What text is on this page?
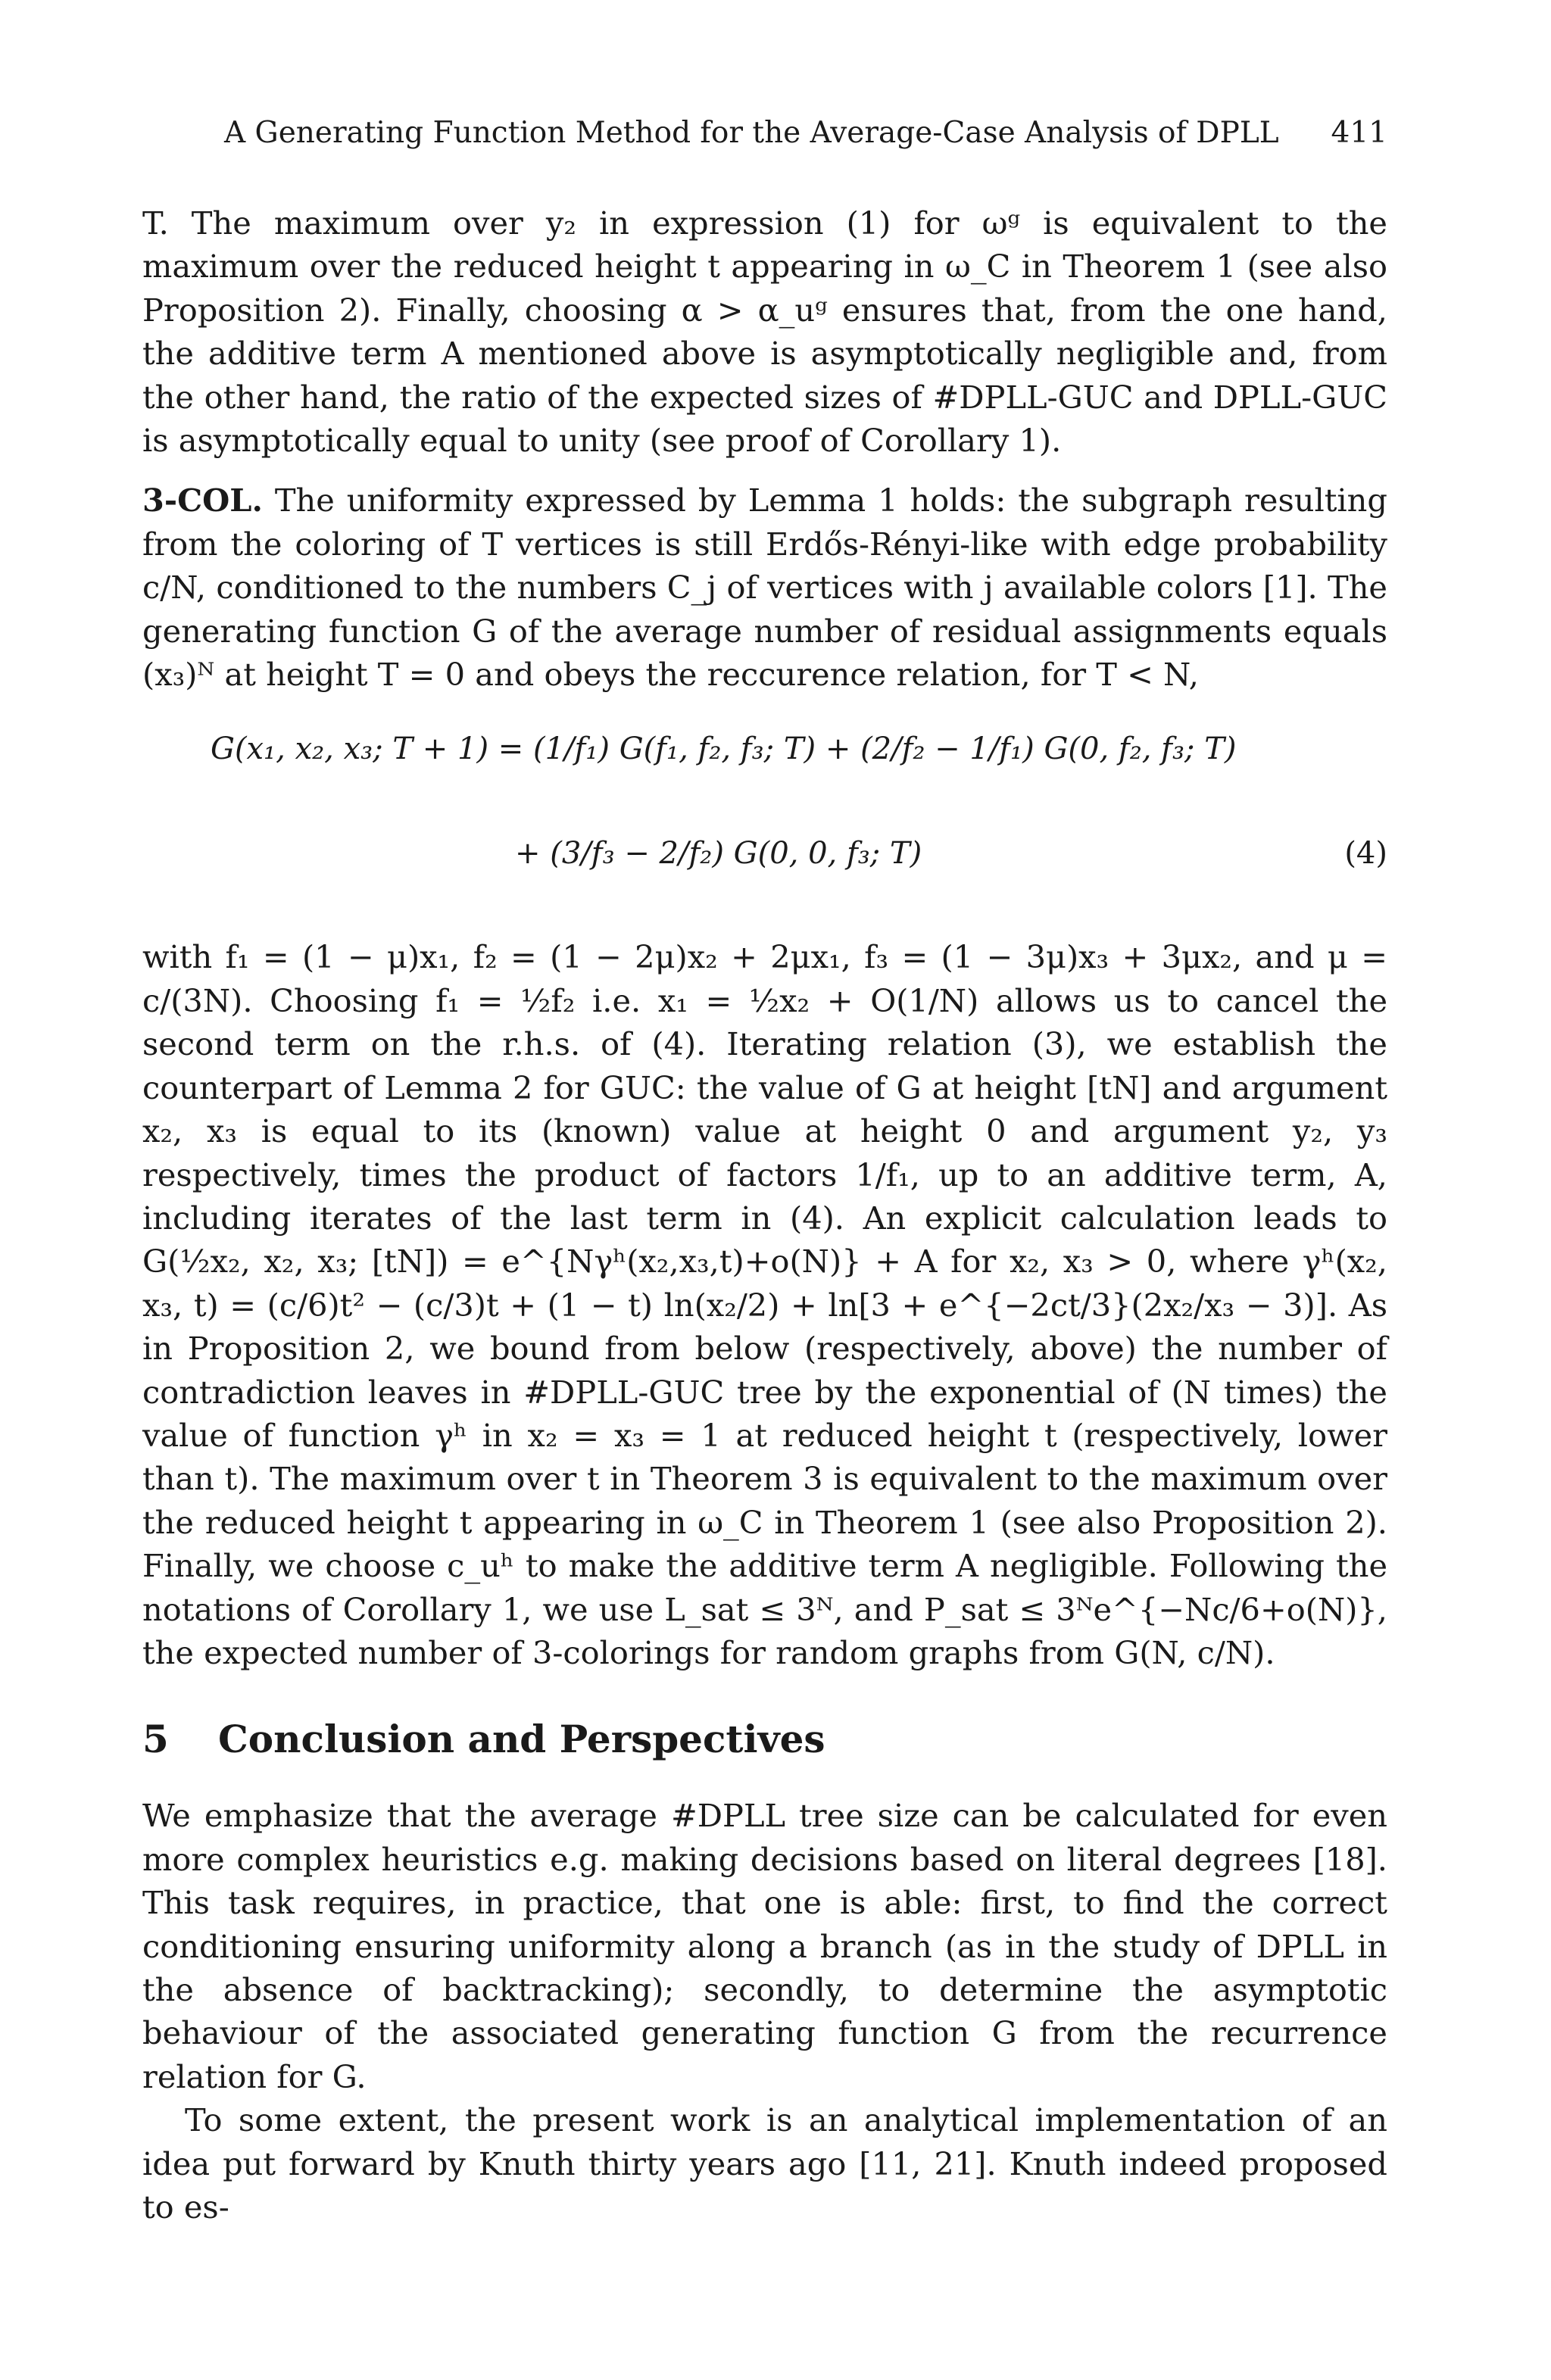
A Generating Function Method for the Average-Case Analysis of DPLL 411

T. The maximum over y₂ in expression (1) for ωᵍ is equivalent to the maximum over the reduced height t appearing in ω_C in Theorem 1 (see also Proposition 2). Finally, choosing α > α_uᵍ ensures that, from the one hand, the additive term A mentioned above is asymptotically negligible and, from the other hand, the ratio of the expected sizes of #DPLL-GUC and DPLL-GUC is asymptotically equal to unity (see proof of Corollary 1).

3-COL. The uniformity expressed by Lemma 1 holds: the subgraph resulting from the coloring of T vertices is still Erdős-Rényi-like with edge probability c/N, conditioned to the numbers C_j of vertices with j available colors [1]. The generating function G of the average number of residual assignments equals (x₃)ᴺ at height T = 0 and obeys the reccurence relation, for T < N,

G(x₁, x₂, x₃; T + 1) = (1/f₁) G(f₁, f₂, f₃; T) + (2/f₂ − 1/f₁) G(0, f₂, f₃; T)
+ (3/f₃ − 2/f₂) G(0, 0, f₃; T)	(4)

with f₁ = (1 − μ)x₁, f₂ = (1 − 2μ)x₂ + 2μx₁, f₃ = (1 − 3μ)x₃ + 3μx₂, and μ = c/(3N). Choosing f₁ = ½f₂ i.e. x₁ = ½x₂ + O(1/N) allows us to cancel the second term on the r.h.s. of (4). Iterating relation (3), we establish the counterpart of Lemma 2 for GUC: the value of G at height [tN] and argument x₂, x₃ is equal to its (known) value at height 0 and argument y₂, y₃ respectively, times the product of factors 1/f₁, up to an additive term, A, including iterates of the last term in (4). An explicit calculation leads to G(½x₂, x₂, x₃; [tN]) = e^{Nγʰ(x₂,x₃,t)+o(N)} + A for x₂, x₃ > 0, where γʰ(x₂, x₃, t) = (c/6)t² − (c/3)t + (1 − t) ln(x₂/2) + ln[3 + e^{−2ct/3}(2x₂/x₃ − 3)]. As in Proposition 2, we bound from below (respectively, above) the number of contradiction leaves in #DPLL-GUC tree by the exponential of (N times) the value of function γʰ in x₂ = x₃ = 1 at reduced height t (respectively, lower than t). The maximum over t in Theorem 3 is equivalent to the maximum over the reduced height t appearing in ω_C in Theorem 1 (see also Proposition 2). Finally, we choose c_uʰ to make the additive term A negligible. Following the notations of Corollary 1, we use L_sat ≤ 3ᴺ, and P_sat ≤ 3ᴺe^{−Nc/6+o(N)}, the expected number of 3-colorings for random graphs from G(N, c/N).

5 Conclusion and Perspectives

We emphasize that the average #DPLL tree size can be calculated for even more complex heuristics e.g. making decisions based on literal degrees [18]. This task requires, in practice, that one is able: first, to find the correct conditioning ensuring uniformity along a branch (as in the study of DPLL in the absence of backtracking); secondly, to determine the asymptotic behaviour of the associated generating function G from the recurrence relation for G.

To some extent, the present work is an analytical implementation of an idea put forward by Knuth thirty years ago [11, 21]. Knuth indeed proposed to es-
